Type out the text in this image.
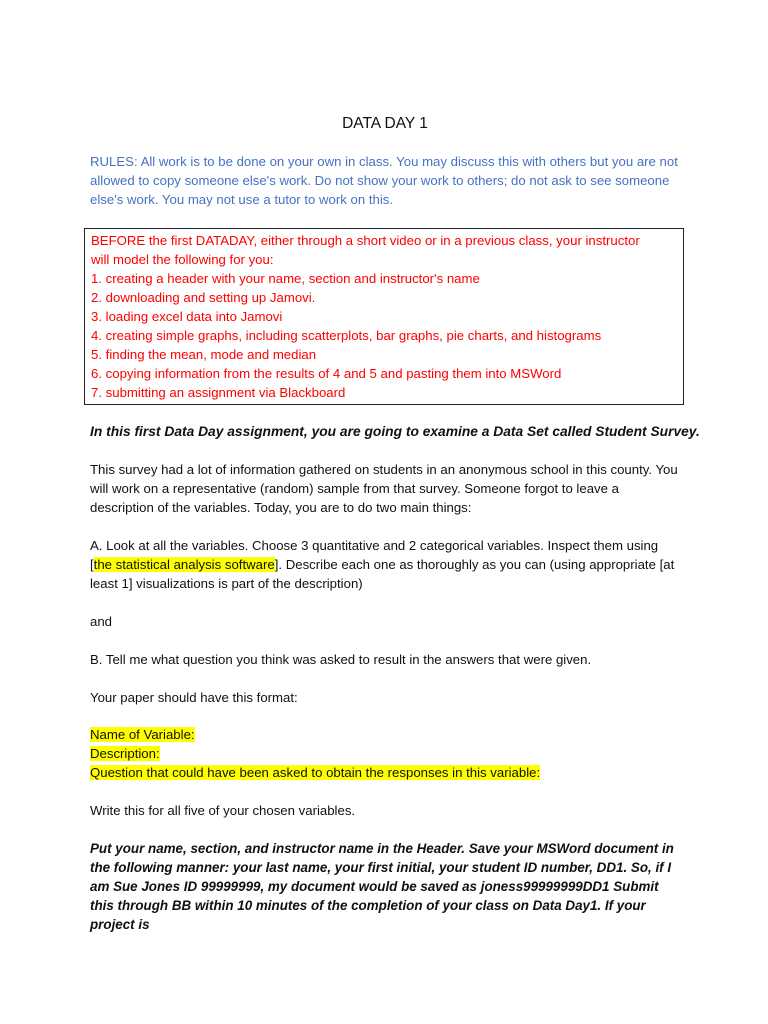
DATA DAY 1
RULES: All work is to be done on your own in class. You may discuss this with others but you are not allowed to copy someone else's work. Do not show your work to others; do not ask to see someone else's work. You may not use a tutor to work on this.
BEFORE the first DATADAY, either through a short video or in a previous class, your instructor
will model the following for you:
1. creating a header with your name, section and instructor's name
2. downloading and setting up Jamovi.
3. loading excel data into Jamovi
4. creating simple graphs, including scatterplots, bar graphs, pie charts, and histograms
5. finding the mean, mode and median
6. copying information from the results of 4 and 5 and pasting them into MSWord
7. submitting an assignment via Blackboard
In this first Data Day assignment, you are going to examine a Data Set called Student Survey.
This survey had a lot of information gathered on students in an anonymous school in this county. You will work on a representative (random) sample from that survey. Someone forgot to leave a description of the variables. Today, you are to do two main things:
A. Look at all the variables. Choose 3 quantitative and 2 categorical variables. Inspect them using [the statistical analysis software]. Describe each one as thoroughly as you can (using appropriate [at least 1] visualizations is part of the description)
and
B. Tell me what question you think was asked to result in the answers that were given.
Your paper should have this format:
Name of Variable:
Description:
Question that could have been asked to obtain the responses in this variable:
Write this for all five of your chosen variables.
Put your name, section, and instructor name in the Header. Save your MSWord document in the following manner: your last name, your first initial, your student ID number, DD1. So, if I am Sue Jones ID 99999999, my document would be saved as joness99999999DD1 Submit this through BB within 10 minutes of the completion of your class on Data Day1. If your project is
